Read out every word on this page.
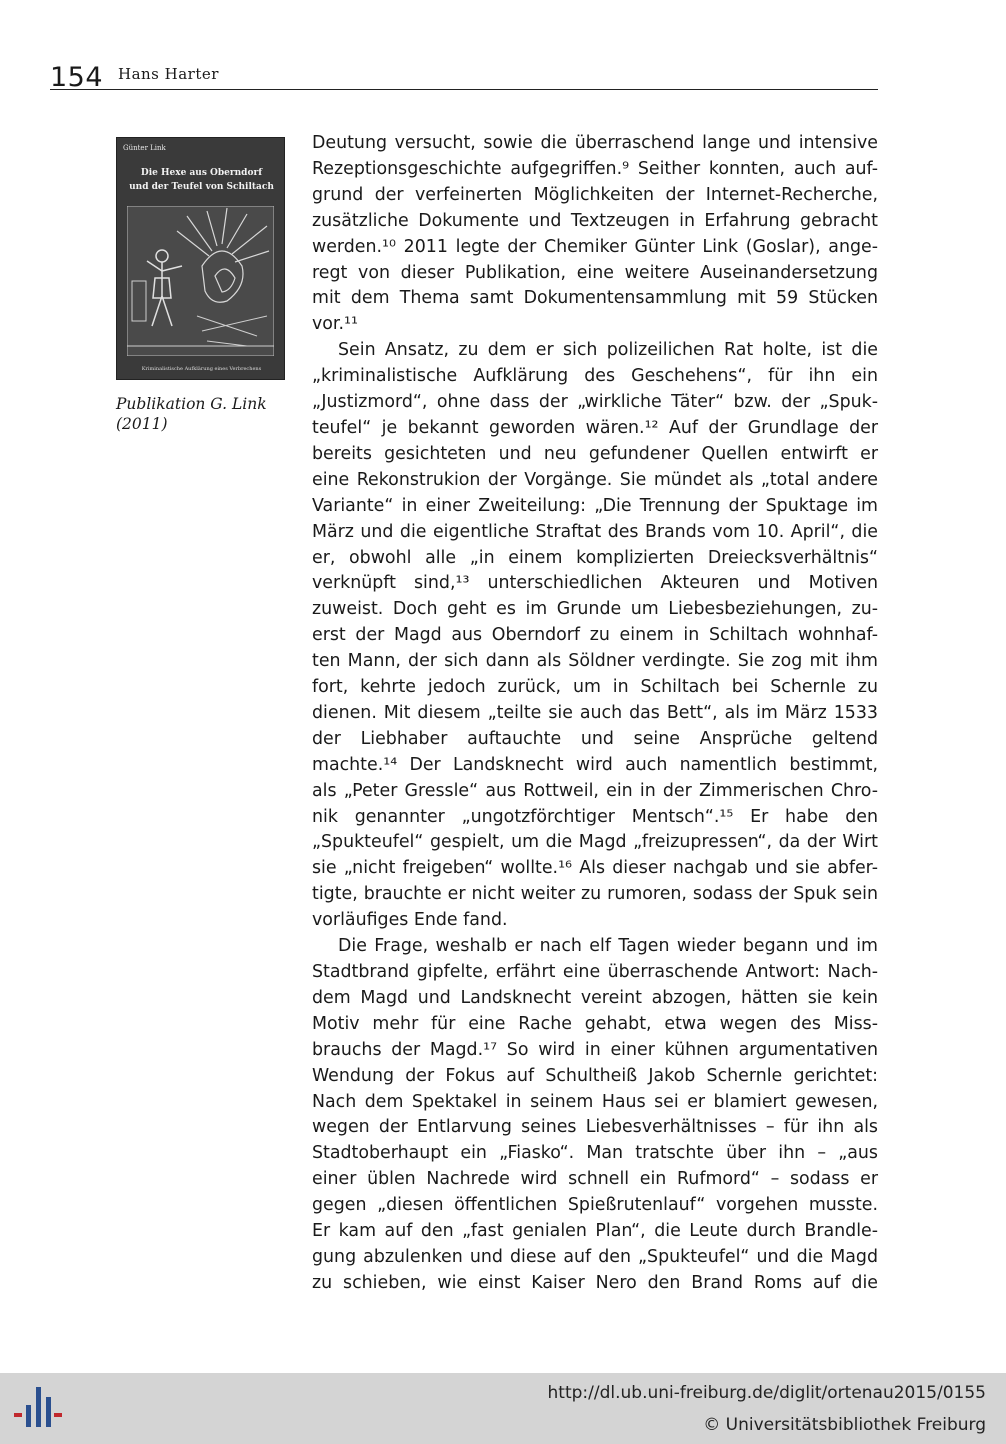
154 Hans Harter
Günter Link
Die Hexe aus Oberndorf
und der Teufel von Schiltach
Kriminalistische Aufklärung eines Verbrechens
Publikation G. Link
(2011)
Deutung versucht, sowie die überraschend lange und intensive
Rezeptionsgeschichte aufgegriffen.⁹ Seither konnten, auch auf-
grund der verfeinerten Möglichkeiten der Internet-Recherche,
zusätzliche Dokumente und Textzeugen in Erfahrung gebracht
werden.¹⁰ 2011 legte der Chemiker Günter Link (Goslar), ange-
regt von dieser Publikation, eine weitere Auseinandersetzung
mit dem Thema samt Dokumentensammlung mit 59 Stücken
vor.¹¹
Sein Ansatz, zu dem er sich polizeilichen Rat holte, ist die
„kriminalistische Aufklärung des Geschehens“, für ihn ein
„Justizmord“, ohne dass der „wirkliche Täter“ bzw. der „Spuk-
teufel“ je bekannt geworden wären.¹² Auf der Grundlage der
bereits gesichteten und neu gefundener Quellen entwirft er
eine Rekonstrukion der Vorgänge. Sie mündet als „total andere
Variante“ in einer Zweiteilung: „Die Trennung der Spuktage im
März und die eigentliche Straftat des Brands vom 10. April“, die
er, obwohl alle „in einem komplizierten Dreiecksverhältnis“
verknüpft sind,¹³ unterschiedlichen Akteuren und Motiven
zuweist. Doch geht es im Grunde um Liebesbeziehungen, zu-
erst der Magd aus Oberndorf zu einem in Schiltach wohnhaf-
ten Mann, der sich dann als Söldner verdingte. Sie zog mit ihm
fort, kehrte jedoch zurück, um in Schiltach bei Schernle zu
dienen. Mit diesem „teilte sie auch das Bett“, als im März 1533
der Liebhaber auftauchte und seine Ansprüche geltend
machte.¹⁴ Der Landsknecht wird auch namentlich bestimmt,
als „Peter Gressle“ aus Rottweil, ein in der Zimmerischen Chro-
nik genannter „ungotzförchtiger Mentsch“.¹⁵ Er habe den
„Spukteufel“ gespielt, um die Magd „freizupressen“, da der Wirt
sie „nicht freigeben“ wollte.¹⁶ Als dieser nachgab und sie abfer-
tigte, brauchte er nicht weiter zu rumoren, sodass der Spuk sein
vorläufiges Ende fand.
Die Frage, weshalb er nach elf Tagen wieder begann und im
Stadtbrand gipfelte, erfährt eine überraschende Antwort: Nach-
dem Magd und Landsknecht vereint abzogen, hätten sie kein
Motiv mehr für eine Rache gehabt, etwa wegen des Miss-
brauchs der Magd.¹⁷ So wird in einer kühnen argumentativen
Wendung der Fokus auf Schultheiß Jakob Schernle gerichtet:
Nach dem Spektakel in seinem Haus sei er blamiert gewesen,
wegen der Entlarvung seines Liebesverhältnisses – für ihn als
Stadtoberhaupt ein „Fiasko“. Man tratschte über ihn – „aus
einer üblen Nachrede wird schnell ein Rufmord“ – sodass er
gegen „diesen öffentlichen Spießrutenlauf“ vorgehen musste.
Er kam auf den „fast genialen Plan“, die Leute durch Brandle-
gung abzulenken und diese auf den „Spukteufel“ und die Magd
zu schieben, wie einst Kaiser Nero den Brand Roms auf die
http://dl.ub.uni-freiburg.de/diglit/ortenau2015/0155
© Universitätsbibliothek Freiburg
